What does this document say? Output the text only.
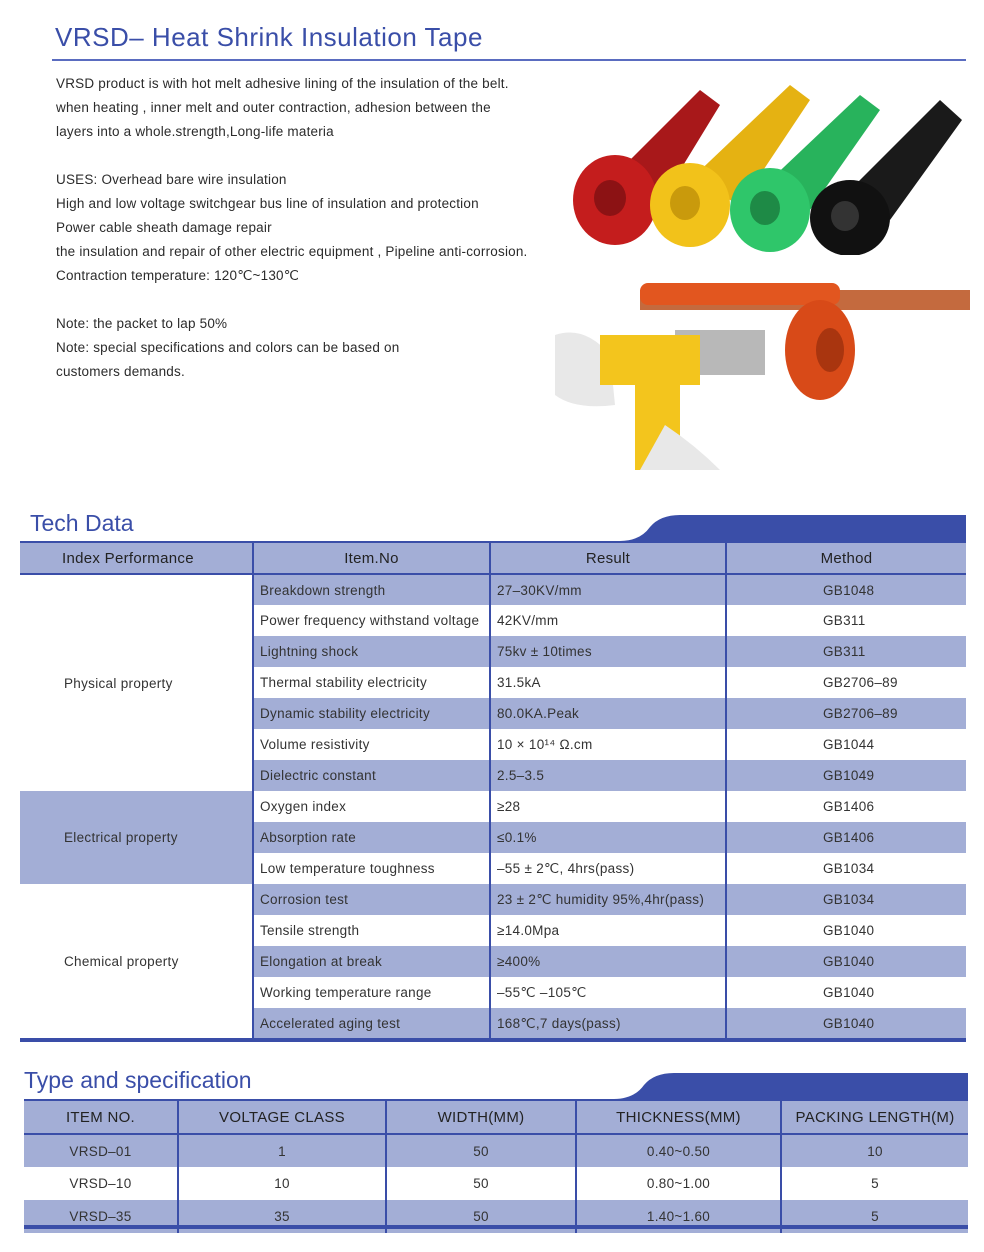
VRSD– Heat Shrink Insulation Tape
VRSD product is with hot melt adhesive lining of the insulation of the belt.
when heating , inner melt and outer contraction, adhesion between the
layers into a whole.strength,Long-life materia
USES: Overhead bare wire insulation
High and low voltage switchgear bus line of insulation and protection
Power cable sheath damage repair
the insulation and repair of other electric equipment , Pipeline anti-corrosion.
Contraction temperature: 120℃~130℃
Note: the packet to lap 50%
Note: special specifications and colors can be based on
customers demands.
Tech Data
Index Performance	Item.No	Result	Method
Physical property	Breakdown strength	27–30KV/mm	GB1048
	Power frequency withstand voltage	42KV/mm	GB311
	Lightning shock	75kv ± 10times	GB311
	Thermal stability electricity	31.5kA	GB2706–89
	Dynamic stability electricity	80.0KA.Peak	GB2706–89
	Volume resistivity	10 × 10¹⁴ Ω.cm	GB1044
	Dielectric constant	2.5–3.5	GB1049
Electrical property	Oxygen index	≥28	GB1406
	Absorption rate	≤0.1%	GB1406
	Low temperature toughness	–55 ± 2℃, 4hrs(pass)	GB1034
Chemical property	Corrosion test	23 ± 2℃ humidity 95%,4hr(pass)	GB1034
	Tensile strength	≥14.0Mpa	GB1040
	Elongation at break	≥400%	GB1040
	Working temperature range	–55℃ –105℃	GB1040
	Accelerated aging test	168℃,7 days(pass)	GB1040
Type and specification
ITEM NO.	VOLTAGE CLASS	WIDTH(MM)	THICKNESS(MM)	PACKING LENGTH(M)
VRSD–01	1	50	0.40~0.50	10
VRSD–10	10	50	0.80~1.00	5
VRSD–35	35	50	1.40~1.60	5
